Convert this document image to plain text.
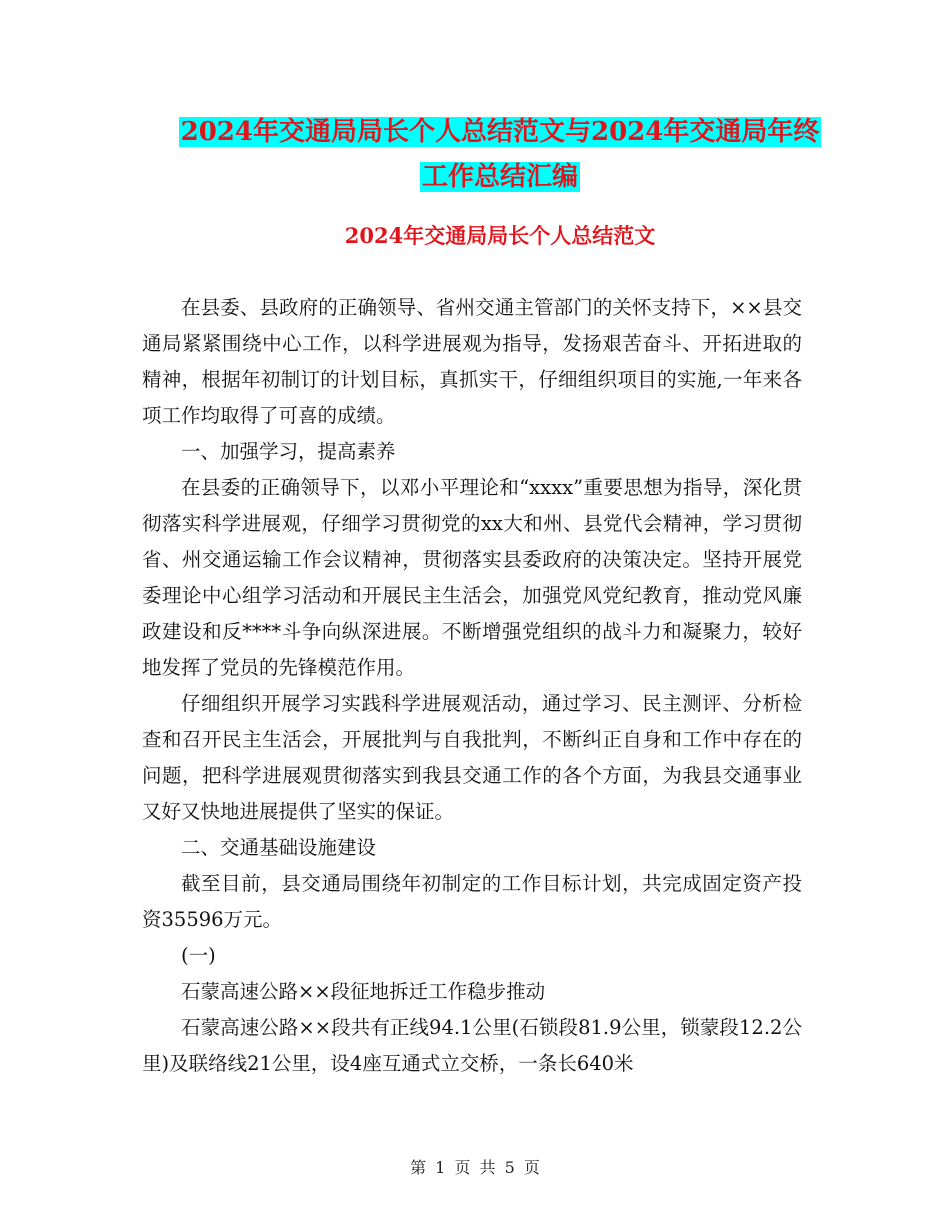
2024年交通局局长个人总结范文与2024年交通局年终
工作总结汇编
2024年交通局局长个人总结范文

在县委、县政府的正确领导、省州交通主管部门的关怀支持下，××县交通局紧紧围绕中心工作，以科学进展观为指导，发扬艰苦奋斗、开拓进取的精神，根据年初制订的计划目标，真抓实干，仔细组织项目的实施,一年来各项工作均取得了可喜的成绩。

一、加强学习，提高素养

在县委的正确领导下，以邓小平理论和“xxxx”重要思想为指导，深化贯彻落实科学进展观，仔细学习贯彻党的xx大和州、县党代会精神，学习贯彻省、州交通运输工作会议精神，贯彻落实县委政府的决策决定。坚持开展党委理论中心组学习活动和开展民主生活会，加强党风党纪教育，推动党风廉政建设和反****斗争向纵深进展。不断增强党组织的战斗力和凝聚力，较好地发挥了党员的先锋模范作用。

仔细组织开展学习实践科学进展观活动，通过学习、民主测评、分析检查和召开民主生活会，开展批判与自我批判，不断纠正自身和工作中存在的问题，把科学进展观贯彻落实到我县交通工作的各个方面，为我县交通事业又好又快地进展提供了坚实的保证。

二、交通基础设施建设

截至目前，县交通局围绕年初制定的工作目标计划，共完成固定资产投资35596万元。

(一)

石蒙高速公路××段征地拆迁工作稳步推动

石蒙高速公路××段共有正线94.1公里(石锁段81.9公里，锁蒙段12.2公里)及联络线21公里，设4座互通式立交桥，一条长640米

第 1 页 共 5 页
